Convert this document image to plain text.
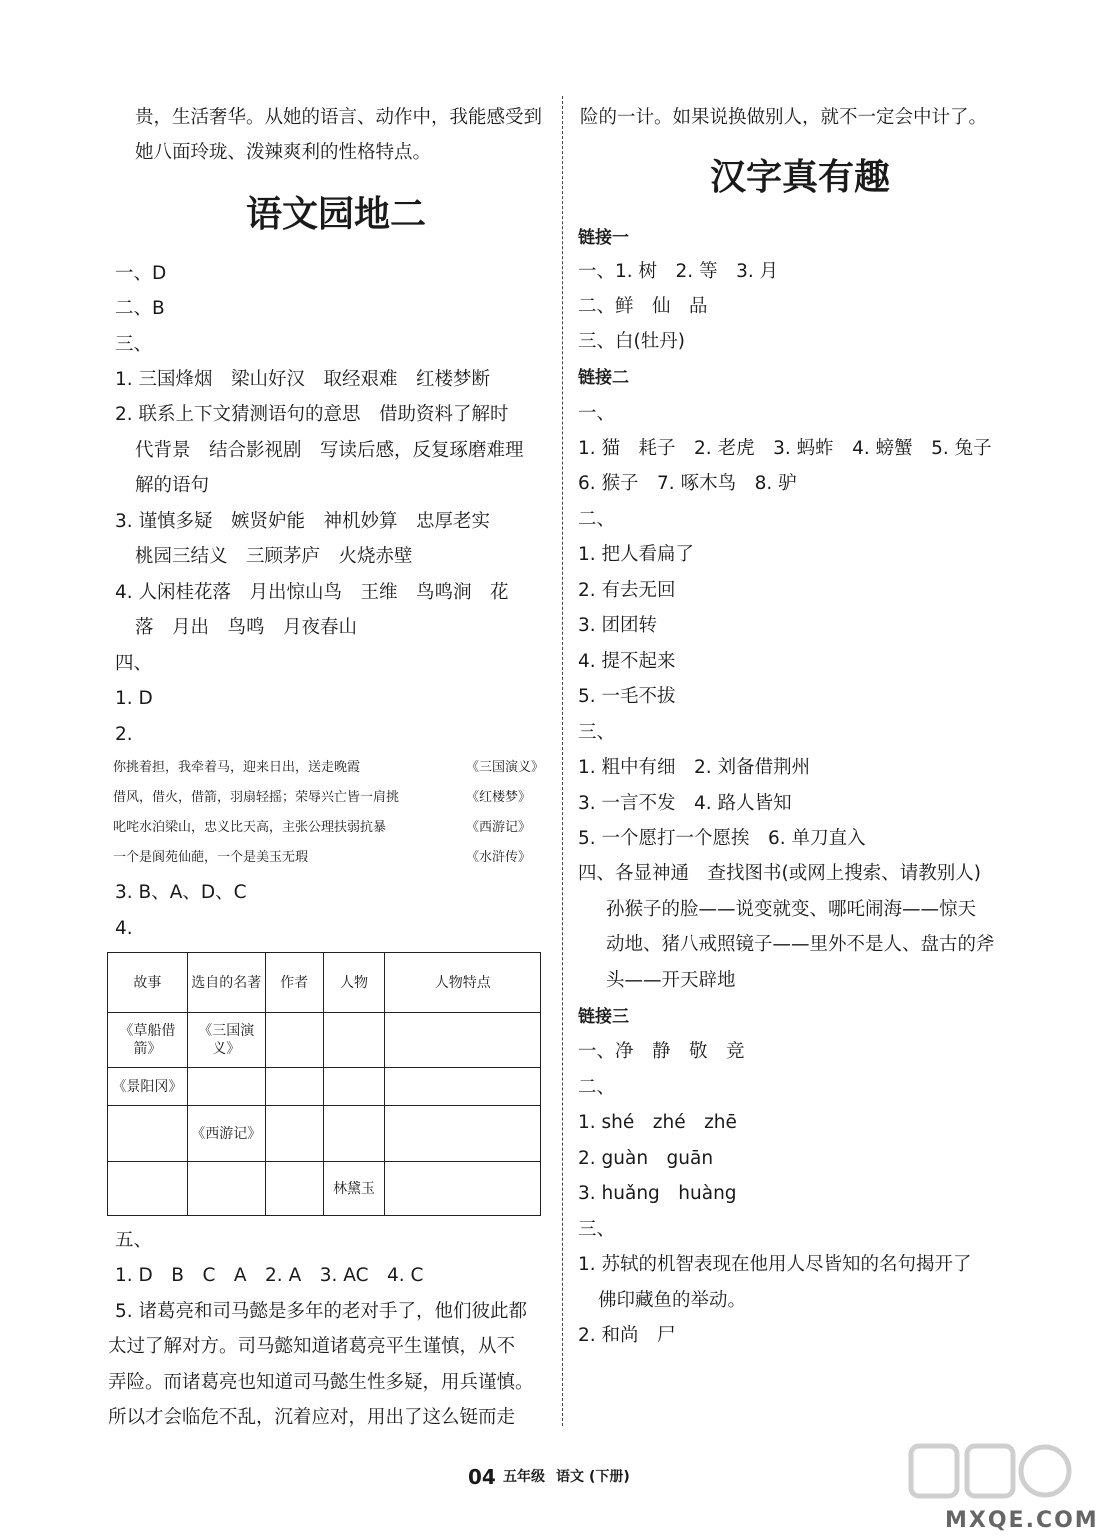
贵，生活奢华。从她的语言、动作中，我能感受到
她八面玲珑、泼辣爽利的性格特点。
语文园地二
一、D
二、B
三、
1. 三国烽烟　梁山好汉　取经艰难　红楼梦断
2. 联系上下文猜测语句的意思　借助资料了解时
代背景　结合影视剧　写读后感，反复琢磨难理
解的语句
3. 谨慎多疑　嫉贤妒能　神机妙算　忠厚老实
桃园三结义　三顾茅庐　火烧赤壁
4. 人闲桂花落　月出惊山鸟　王维　鸟鸣涧　花
落　月出　鸟鸣　月夜春山
四、
1. D
2.
你挑着担，我牵着马，迎来日出，送走晚霞	《三国演义》
借风，借火，借箭，羽扇轻摇；荣辱兴亡皆一肩挑	《红楼梦》
叱咤水泊梁山，忠义比天高，主张公理扶弱抗暴	《西游记》
一个是阆苑仙葩，一个是美玉无瑕	《水浒传》
3. B、A、D、C
4.
故事	选自的名著	作者	人物	人物特点
《草船借箭》	《三国演义》			
《景阳冈》				
	《西游记》			
			林黛玉	
五、
1. D　B　C　A　2. A　3. AC　4. C
5. 诸葛亮和司马懿是多年的老对手了，他们彼此都
太过了解对方。司马懿知道诸葛亮平生谨慎，从不
弄险。而诸葛亮也知道司马懿生性多疑，用兵谨慎。
所以才会临危不乱，沉着应对，用出了这么铤而走
险的一计。如果说换做别人，就不一定会中计了。
汉字真有趣
链接一
一、1. 树　2. 等　3. 月
二、鲜　仙　品
三、白(牡丹)
链接二
一、
1. 猫　耗子　2. 老虎　3. 蚂蚱　4. 螃蟹　5. 兔子
6. 猴子　7. 啄木鸟　8. 驴
二、
1. 把人看扁了
2. 有去无回
3. 团团转
4. 提不起来
5. 一毛不拔
三、
1. 粗中有细　2. 刘备借荆州
3. 一言不发　4. 路人皆知
5. 一个愿打一个愿挨　6. 单刀直入
四、各显神通　查找图书(或网上搜索、请教别人)
孙猴子的脸——说变就变、哪吒闹海——惊天
动地、猪八戒照镜子——里外不是人、盘古的斧
头——开天辟地
链接三
一、净　静　敬　竞
二、
1. shé　zhé　zhē
2. guàn　guān
3. huǎng　huàng
三、
1. 苏轼的机智表现在他用人尽皆知的名句揭开了
佛印藏鱼的举动。
2. 和尚　尸
04 五年级 语文 (下册)
MXQE.COM
